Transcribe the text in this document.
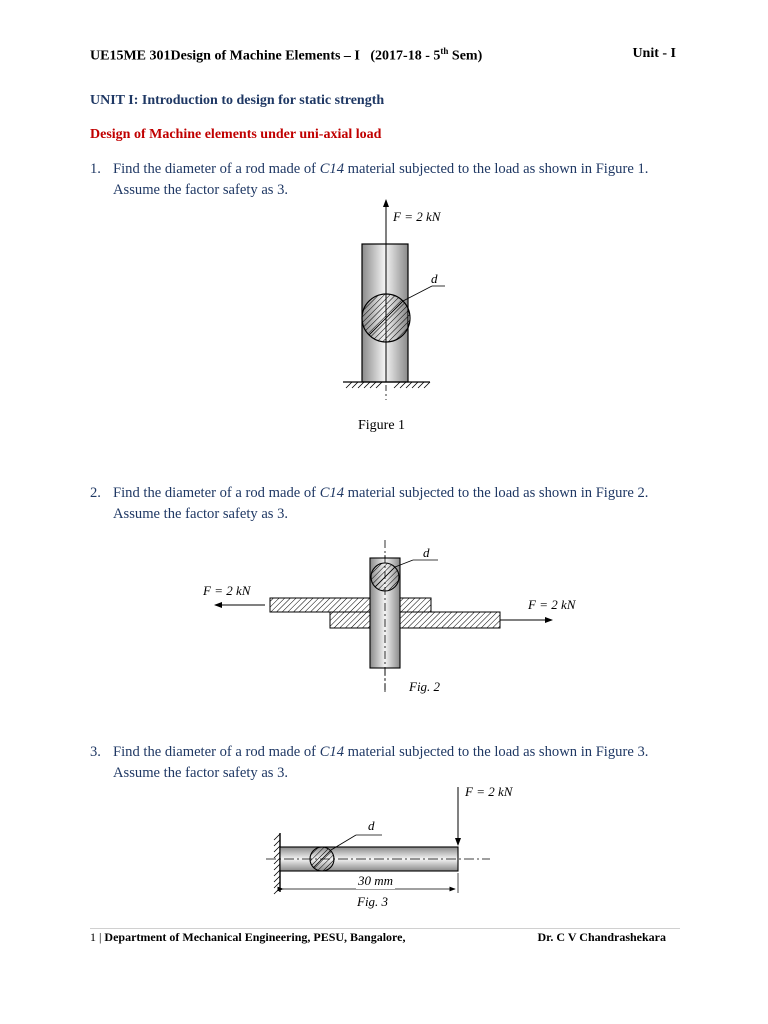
UE15ME 301Design of Machine Elements – I (2017-18 - 5th Sem)	Unit - I
UNIT I: Introduction to design for static strength
Design of Machine elements under uni-axial load
1. Find the diameter of a rod made of C14 material subjected to the load as shown in Figure 1.
Assume the factor safety as 3.
2. Find the diameter of a rod made of C14 material subjected to the load as shown in Figure 2.
Assume the factor safety as 3.
3. Find the diameter of a rod made of C14 material subjected to the load as shown in Figure 3.
Assume the factor safety as 3.
F = 2 kN
d
Figure 1
d
F = 2 kN
F = 2 kN
Fig. 2
F = 2 kN
d
30 mm
Fig. 3
1 | Department of Mechanical Engineering, PESU, Bangalore,	Dr. C V Chandrashekara
